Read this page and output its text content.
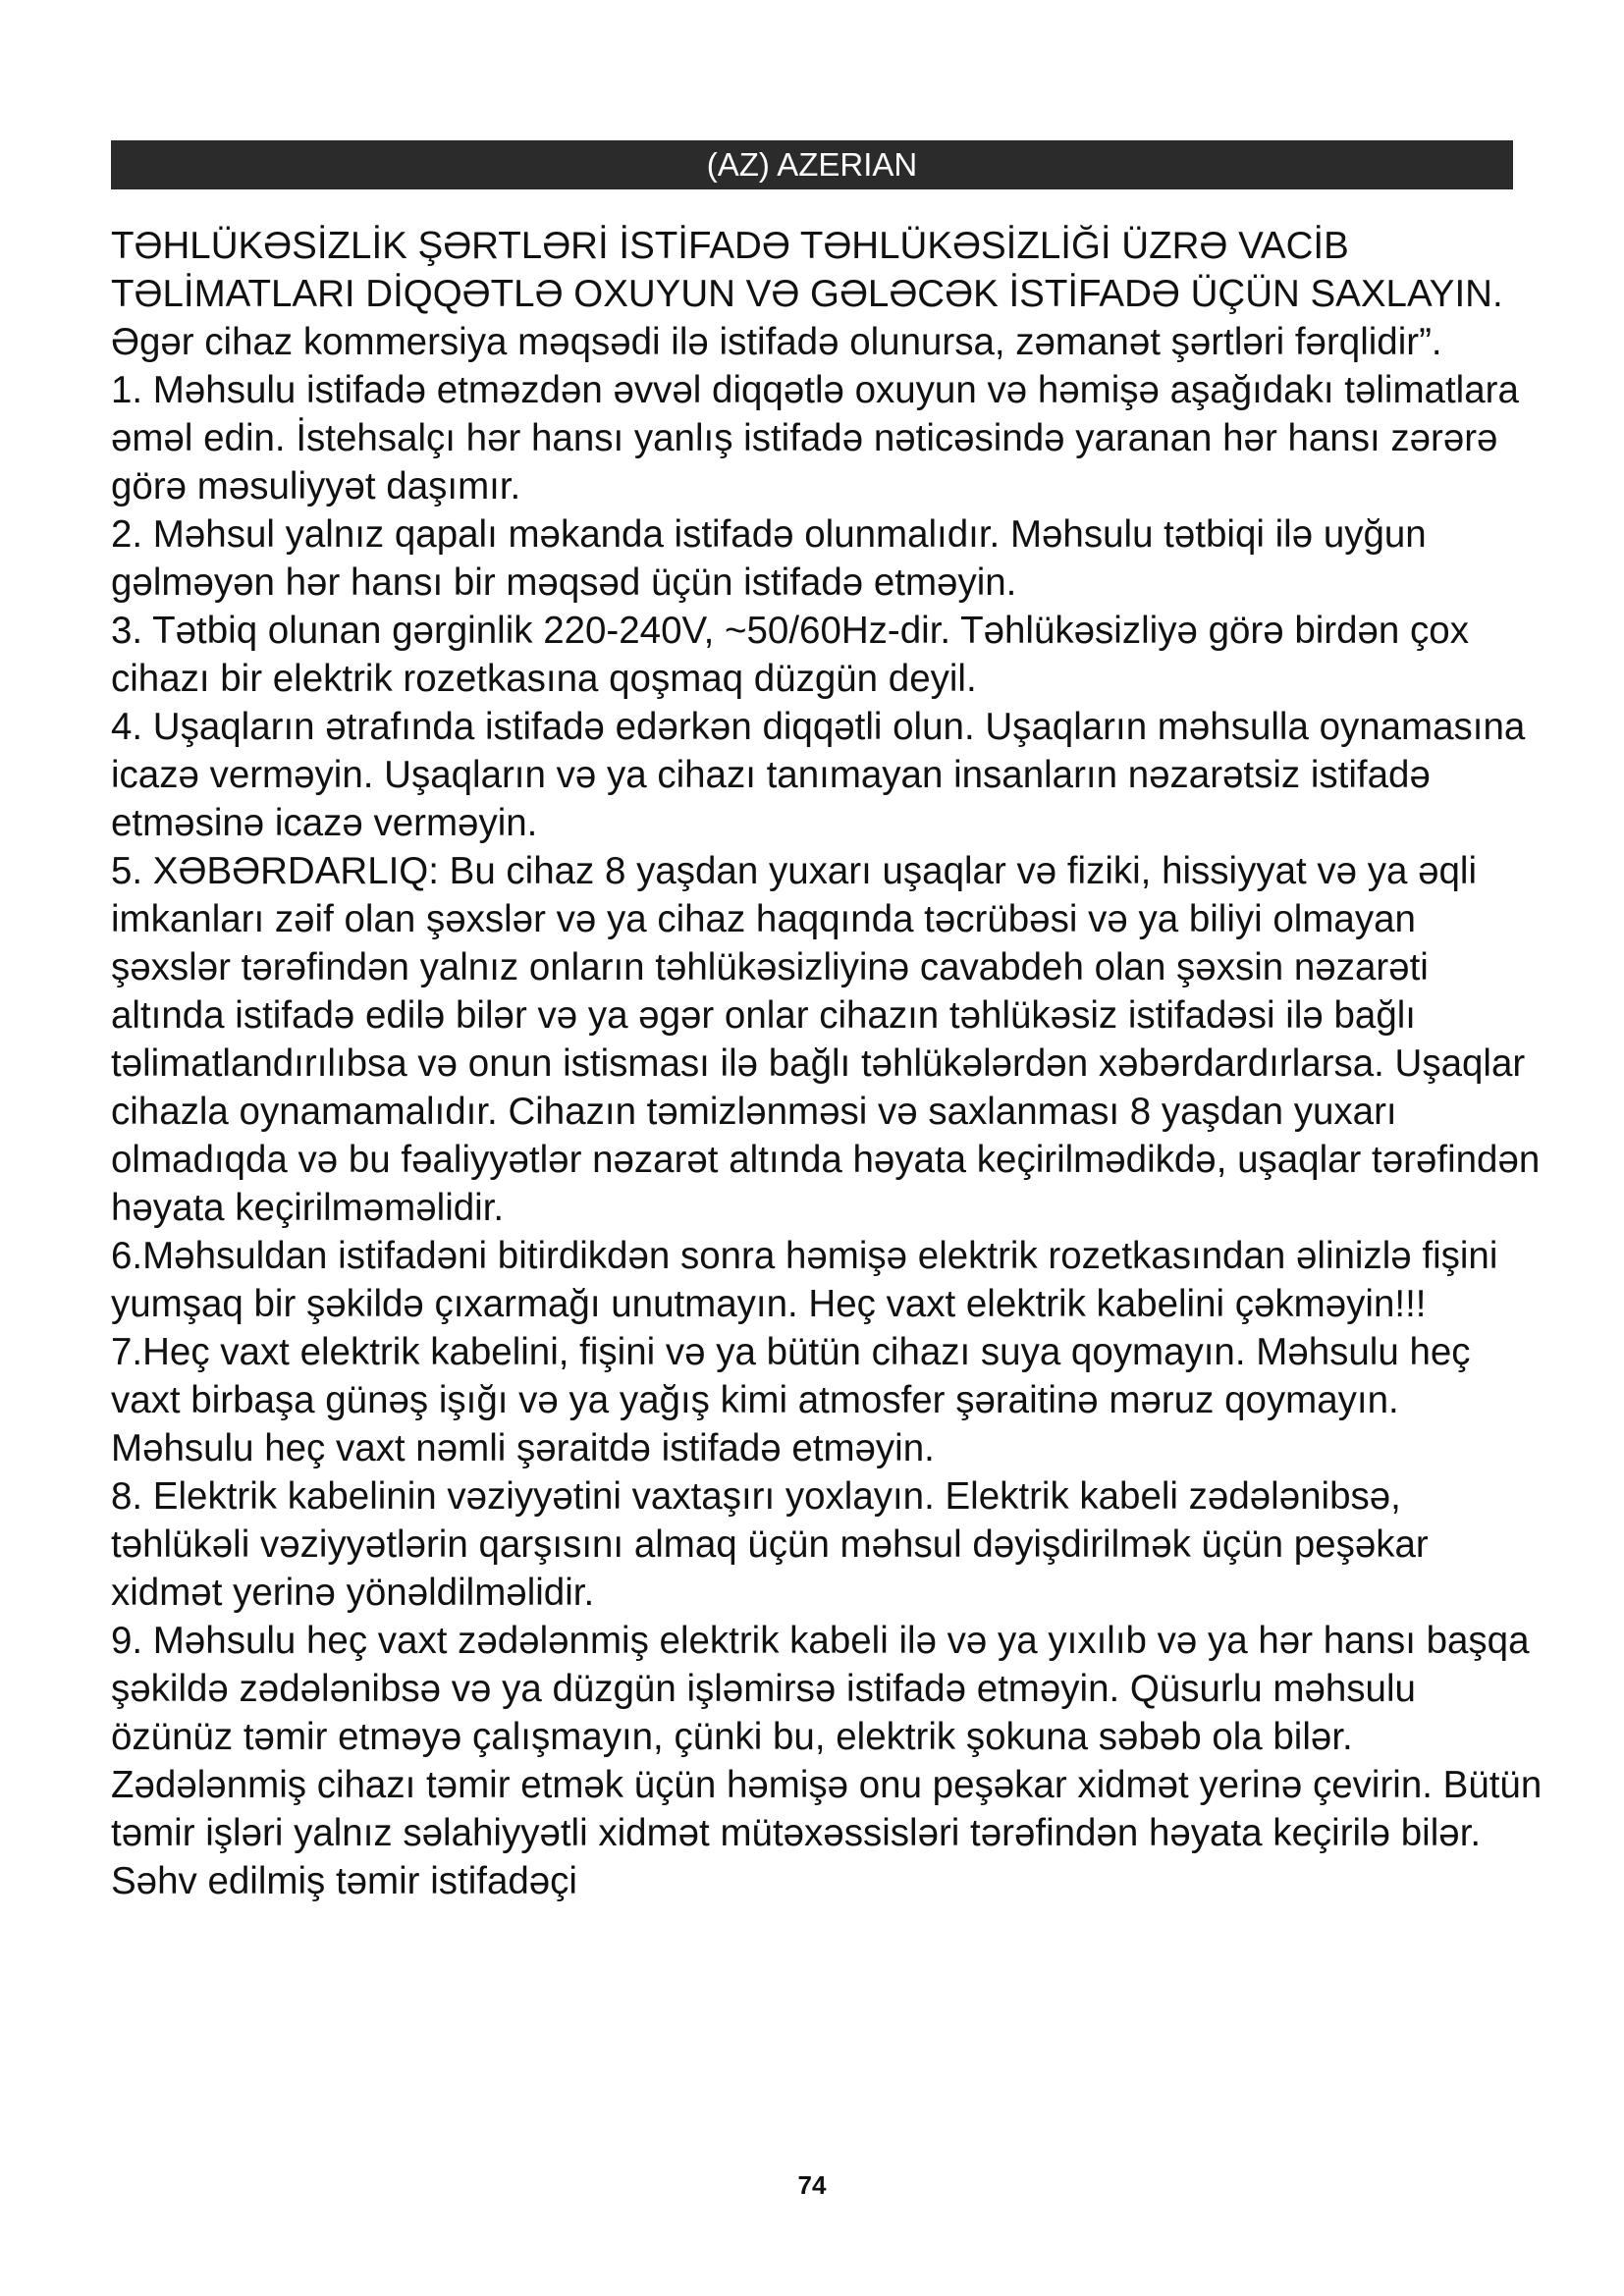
(AZ) AZERIAN

TƏHLÜKƏSİZLİK ŞƏRTLƏRİ İSTİFADƏ TƏHLÜKƏSİZLİĞİ ÜZRƏ VACİB TƏLİMATLARI DİQQƏTLƏ OXUYUN VƏ GƏLƏCƏK İSTİFADƏ ÜÇÜN SAXLAYIN.

Əgər cihaz kommersiya məqsədi ilə istifadə olunursa, zəmanət şərtləri fərqlidir”.

1. Məhsulu istifadə etməzdən əvvəl diqqətlə oxuyun və həmişə aşağıdakı təlimatlara əməl edin. İstehsalçı hər hansı yanlış istifadə nəticəsində yaranan hər hansı zərərə görə məsuliyyət daşımır.

2. Məhsul yalnız qapalı məkanda istifadə olunmalıdır. Məhsulu tətbiqi ilə uyğun gəlməyən hər hansı bir məqsəd üçün istifadə etməyin.

3. Tətbiq olunan gərginlik 220-240V, ~50/60Hz-dir. Təhlükəsizliyə görə birdən çox cihazı bir elektrik rozetkasına qoşmaq düzgün deyil.

4. Uşaqların ətrafında istifadə edərkən diqqətli olun. Uşaqların məhsulla oynamasına icazə verməyin. Uşaqların və ya cihazı tanımayan insanların nəzarətsiz istifadə etməsinə icazə verməyin.

5. XƏBƏRDARLIQ: Bu cihaz 8 yaşdan yuxarı uşaqlar və fiziki, hissiyyat və ya əqli imkanları zəif olan şəxslər və ya cihaz haqqında təcrübəsi və ya biliyi olmayan şəxslər tərəfindən yalnız onların təhlükəsizliyinə cavabdeh olan şəxsin nəzarəti altında istifadə edilə bilər və ya əgər onlar cihazın təhlükəsiz istifadəsi ilə bağlı təlimatlandırılıbsa və onun istisması ilə bağlı təhlükələrdən xəbərdardırlarsa. Uşaqlar cihazla oynamamalıdır. Cihazın təmizlənməsi və saxlanması 8 yaşdan yuxarı olmadıqda və bu fəaliyyətlər nəzarət altında həyata keçirilmədikdə, uşaqlar tərəfindən həyata keçirilməməlidir.

6.Məhsuldan istifadəni bitirdikdən sonra həmişə elektrik rozetkasından əlinizlə fişini yumşaq bir şəkildə çıxarmağı unutmayın. Heç vaxt elektrik kabelini çəkməyin!!!

7.Heç vaxt elektrik kabelini, fişini və ya bütün cihazı suya qoymayın. Məhsulu heç vaxt birbaşa günəş işığı və ya yağış kimi atmosfer şəraitinə məruz qoymayın. Məhsulu heç vaxt nəmli şəraitdə istifadə etməyin.

8. Elektrik kabelinin vəziyyətini vaxtaşırı yoxlayın. Elektrik kabeli zədələnibsə, təhlükəli vəziyyətlərin qarşısını almaq üçün məhsul dəyişdirilmək üçün peşəkar xidmət yerinə yönəldilməlidir.

9. Məhsulu heç vaxt zədələnmiş elektrik kabeli ilə və ya yıxılıb və ya hər hansı başqa şəkildə zədələnibsə və ya düzgün işləmirsə istifadə etməyin. Qüsurlu məhsulu özünüz təmir etməyə çalışmayın, çünki bu, elektrik şokuna səbəb ola bilər. Zədələnmiş cihazı təmir etmək üçün həmişə onu peşəkar xidmət yerinə çevirin. Bütün təmir işləri yalnız səlahiyyətli xidmət mütəxəssisləri tərəfindən həyata keçirilə bilər. Səhv edilmiş təmir istifadəçi

74
